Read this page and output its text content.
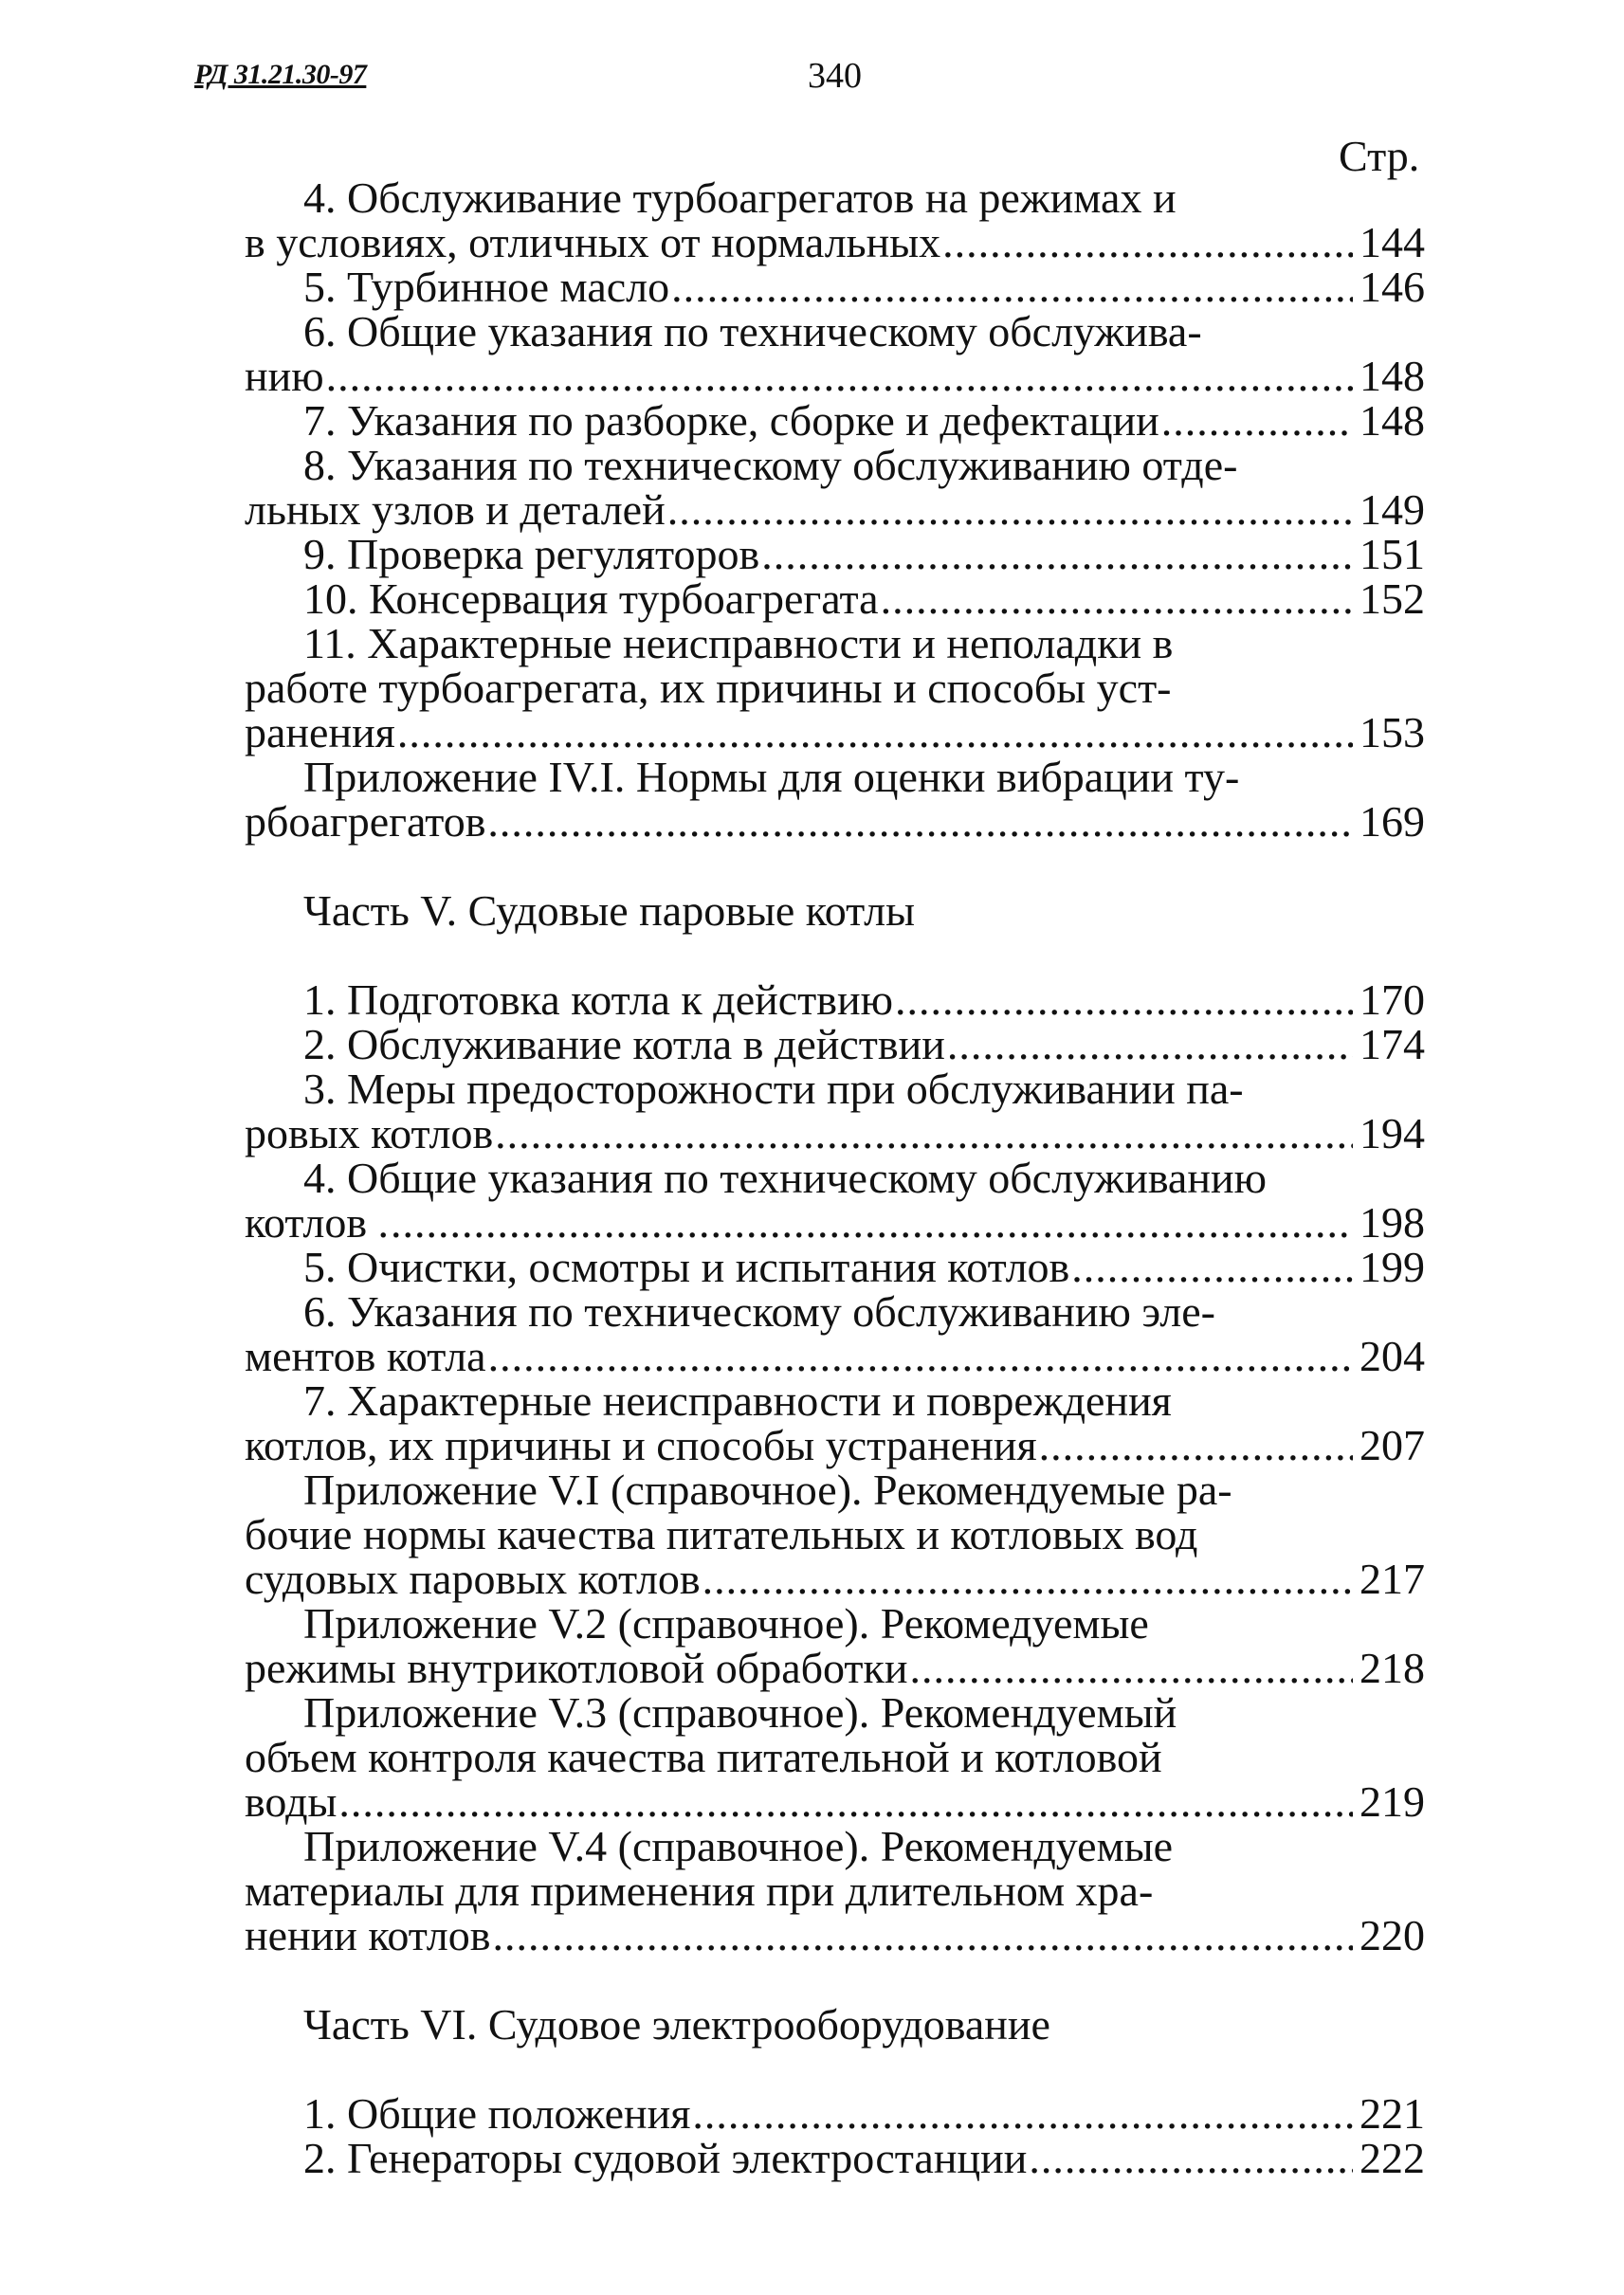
РД 31.21.30-97	340
Стр.
4. Обслуживание турбоагрегатов на режимах и
в условиях, отличных от нормальных .....	144
5. Турбинное масло .....	146
6. Общие указания по техническому обслужива-
нию .....	148
7. Указания по разборке, сборке и дефектации .....	148
8. Указания по техническому обслуживанию отде-
льных узлов и деталей .....	149
9. Проверка регуляторов .....	151
10. Консервация турбоагрегата .....	152
11. Характерные неисправности и неполадки в
работе турбоагрегата, их причины и способы уст-
ранения .....	153
Приложение IV.I. Нормы для оценки вибрации ту-
рбоагрегатов .....	169
Часть V. Судовые паровые котлы
1. Подготовка котла к действию .....	170
2. Обслуживание котла в действии .....	174
3. Меры предосторожности при обслуживании па-
ровых котлов .....	194
4. Общие указания по техническому обслуживанию
котлов . .....	198
5. Очистки, осмотры и испытания котлов .....	199
6. Указания по техническому обслуживанию эле-
ментов котла .....	204
7. Характерные неисправности и повреждения
котлов, их причины и способы устранения .....	207
Приложение V.I (справочное). Рекомендуемые ра-
бочие нормы качества питательных и котловых вод
судовых паровых котлов .....	217
Приложение V.2 (справочное). Рекомедуемые
режимы внутрикотловой обработки .....	218
Приложение V.3 (справочное). Рекомендуемый
объем контроля качества питательной и котловой
воды .....	219
Приложение V.4 (справочное). Рекомендуемые
материалы для применения при длительном хра-
нении котлов .....	220
Часть VI. Судовое электрооборудование
1. Общие положения .....	221
2. Генераторы судовой электростанции .....	222
